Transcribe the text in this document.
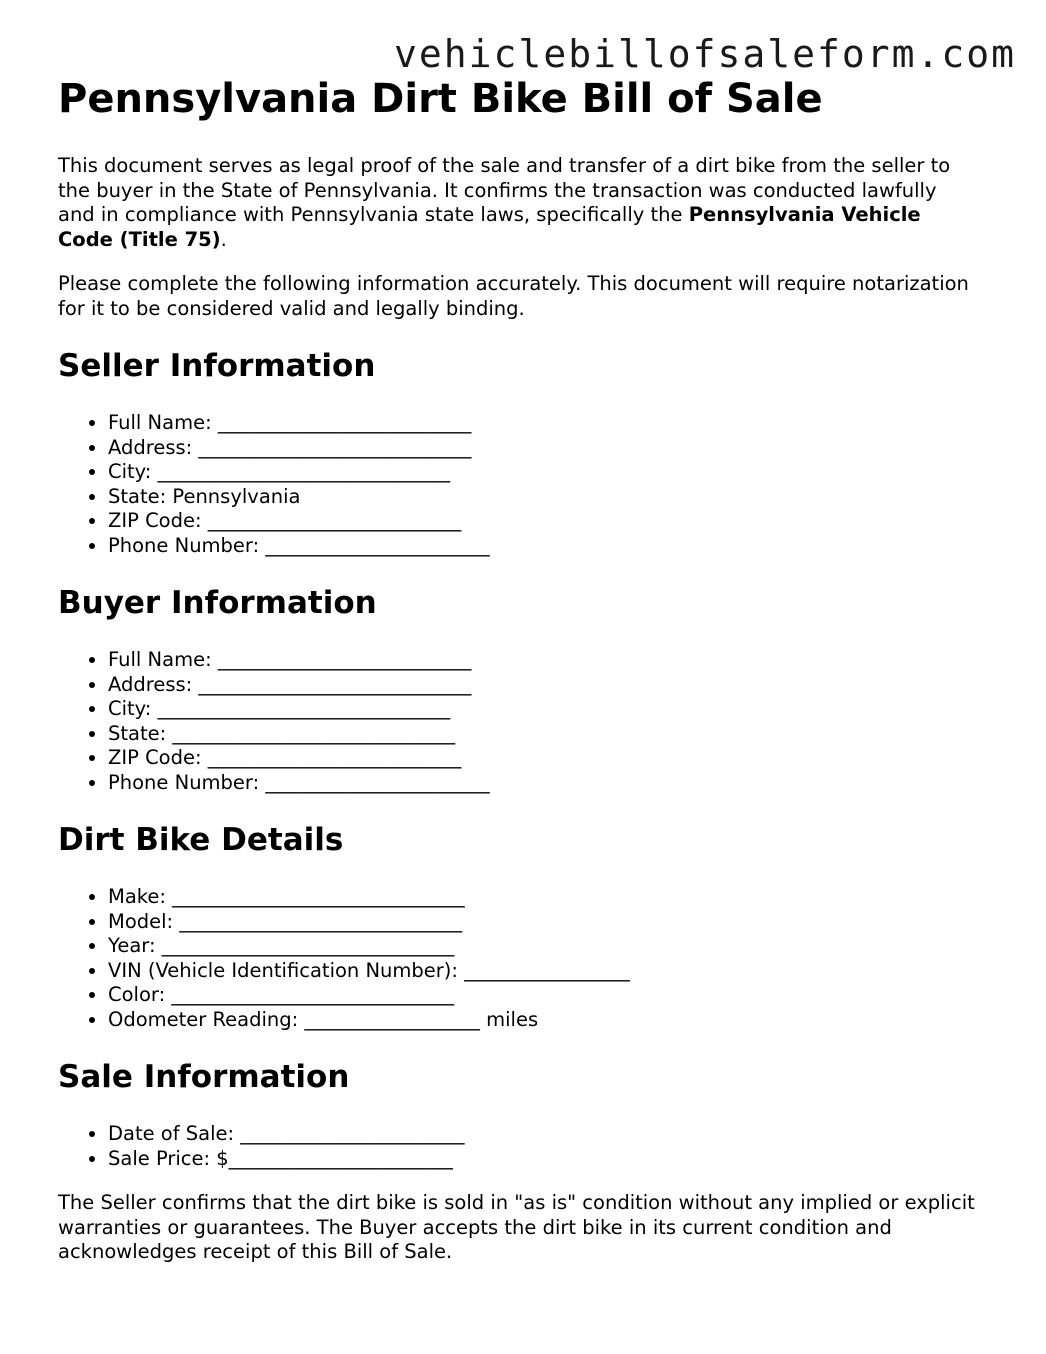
vehiclebillofsaleform.com
Pennsylvania Dirt Bike Bill of Sale

This document serves as legal proof of the sale and transfer of a dirt bike from the seller to the buyer in the State of Pennsylvania. It confirms the transaction was conducted lawfully and in compliance with Pennsylvania state laws, specifically the Pennsylvania Vehicle Code (Title 75).

Please complete the following information accurately. This document will require notarization for it to be considered valid and legally binding.

Seller Information
• Full Name: __________________________
• Address: ____________________________
• City: ______________________________
• State: Pennsylvania
• ZIP Code: __________________________
• Phone Number: _______________________
Buyer Information
• Full Name: __________________________
• Address: ____________________________
• City: ______________________________
• State: _____________________________
• ZIP Code: __________________________
• Phone Number: _______________________
Dirt Bike Details
• Make: ______________________________
• Model: _____________________________
• Year: ______________________________
• VIN (Vehicle Identification Number): _________________
• Color: _____________________________
• Odometer Reading: __________________ miles
Sale Information
• Date of Sale: _______________________
• Sale Price: $_______________________

The Seller confirms that the dirt bike is sold in "as is" condition without any implied or explicit warranties or guarantees. The Buyer accepts the dirt bike in its current condition and acknowledges receipt of this Bill of Sale.
